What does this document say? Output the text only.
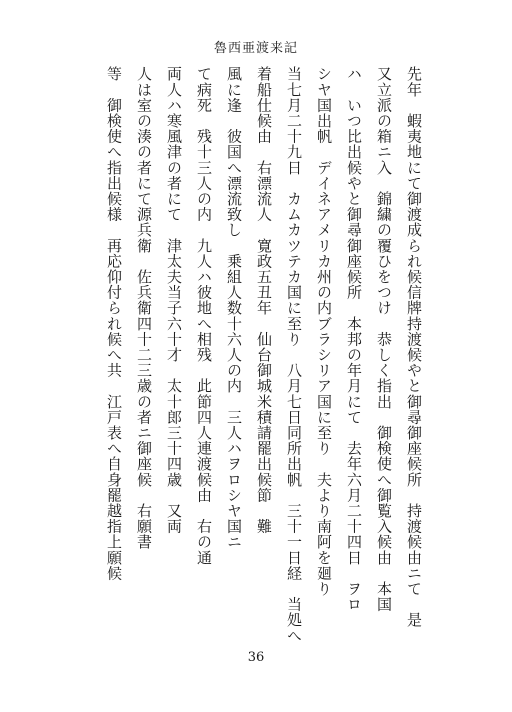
魯西亜渡来記
先年　蝦夷地にて御渡成られ候信牌持渡候やと御尋御座候所　持渡候由ニて　是
又立派の箱ニ入　錦繍の覆ひをつけ　恭しく指出　御検使へ御覧入候由　本国
ハ　いつ比出候やと御尋御座候所　本邦の年月にて　去年六月二十四日　ヲロ
シヤ国出帆　デイネアメリカ州の内ブラシリア国に至り　夫より南阿を廻り
当七月二十九日　カムカツテカ国に至り　八月七日同所出帆　三十一日経　当処へ
着船仕候由　右漂流人　寛政五丑年　仙台御城米積請罷出候節　難
風に逢　彼国へ漂流致し　乗組人数十六人の内　三人ハヲロシヤ国ニ
て病死　残十三人の内　九人ハ彼地へ相残　此節四人連渡候由　右の通
両人ハ寒風津の者にて　津太夫当子六十才　太十郎三十四歳　又両
人は室の湊の者にて源兵衛　佐兵衛四十二三歳の者ニ御座候　右願書
等　御検使へ指出候様　再応仰付られ候へ共　江戸表へ自身罷越指上願候
36
